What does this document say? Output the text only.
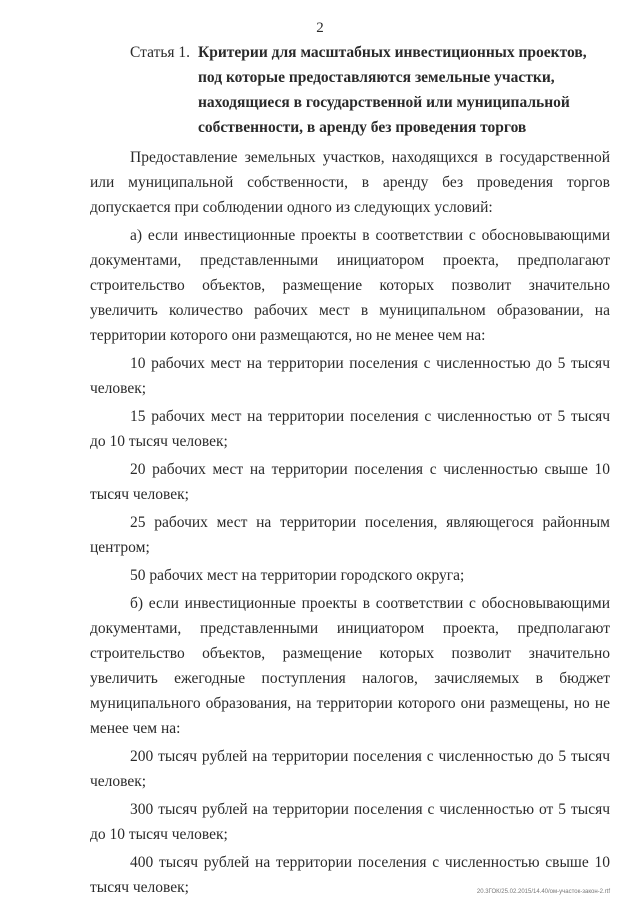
2
Статья 1. Критерии для масштабных инвестиционных проектов, под которые предоставляются земельные участки, находящиеся в государственной или муниципальной собственности, в аренду без проведения торгов

Предоставление земельных участков, находящихся в государственной или муниципальной собственности, в аренду без проведения торгов допускается при соблюдении одного из следующих условий:

а) если инвестиционные проекты в соответствии с обосновывающими документами, представленными инициатором проекта, предполагают строительство объектов, размещение которых позволит значительно увеличить количество рабочих мест в муниципальном образовании, на территории которого они размещаются, но не менее чем на:

10 рабочих мест на территории поселения с численностью до 5 тысяч человек;

15 рабочих мест на территории поселения с численностью от 5 тысяч до 10 тысяч человек;

20 рабочих мест на территории поселения с численностью свыше 10 тысяч человек;

25 рабочих мест на территории поселения, являющегося районным центром;

50 рабочих мест на территории городского округа;

б) если инвестиционные проекты в соответствии с обосновывающими документами, представленными инициатором проекта, предполагают строительство объектов, размещение которых позволит значительно увеличить ежегодные поступления налогов, зачисляемых в бюджет муниципального образования, на территории которого они размещены, но не менее чем на:

200 тысяч рублей на территории поселения с численностью до 5 тысяч человек;

300 тысяч рублей на территории поселения с численностью от 5 тысяч до 10 тысяч человек;

400 тысяч рублей на территории поселения с численностью свыше 10 тысяч человек;	20.3ГОК/25.02.2015/14.40/ом-участок-закон-2.rtf
